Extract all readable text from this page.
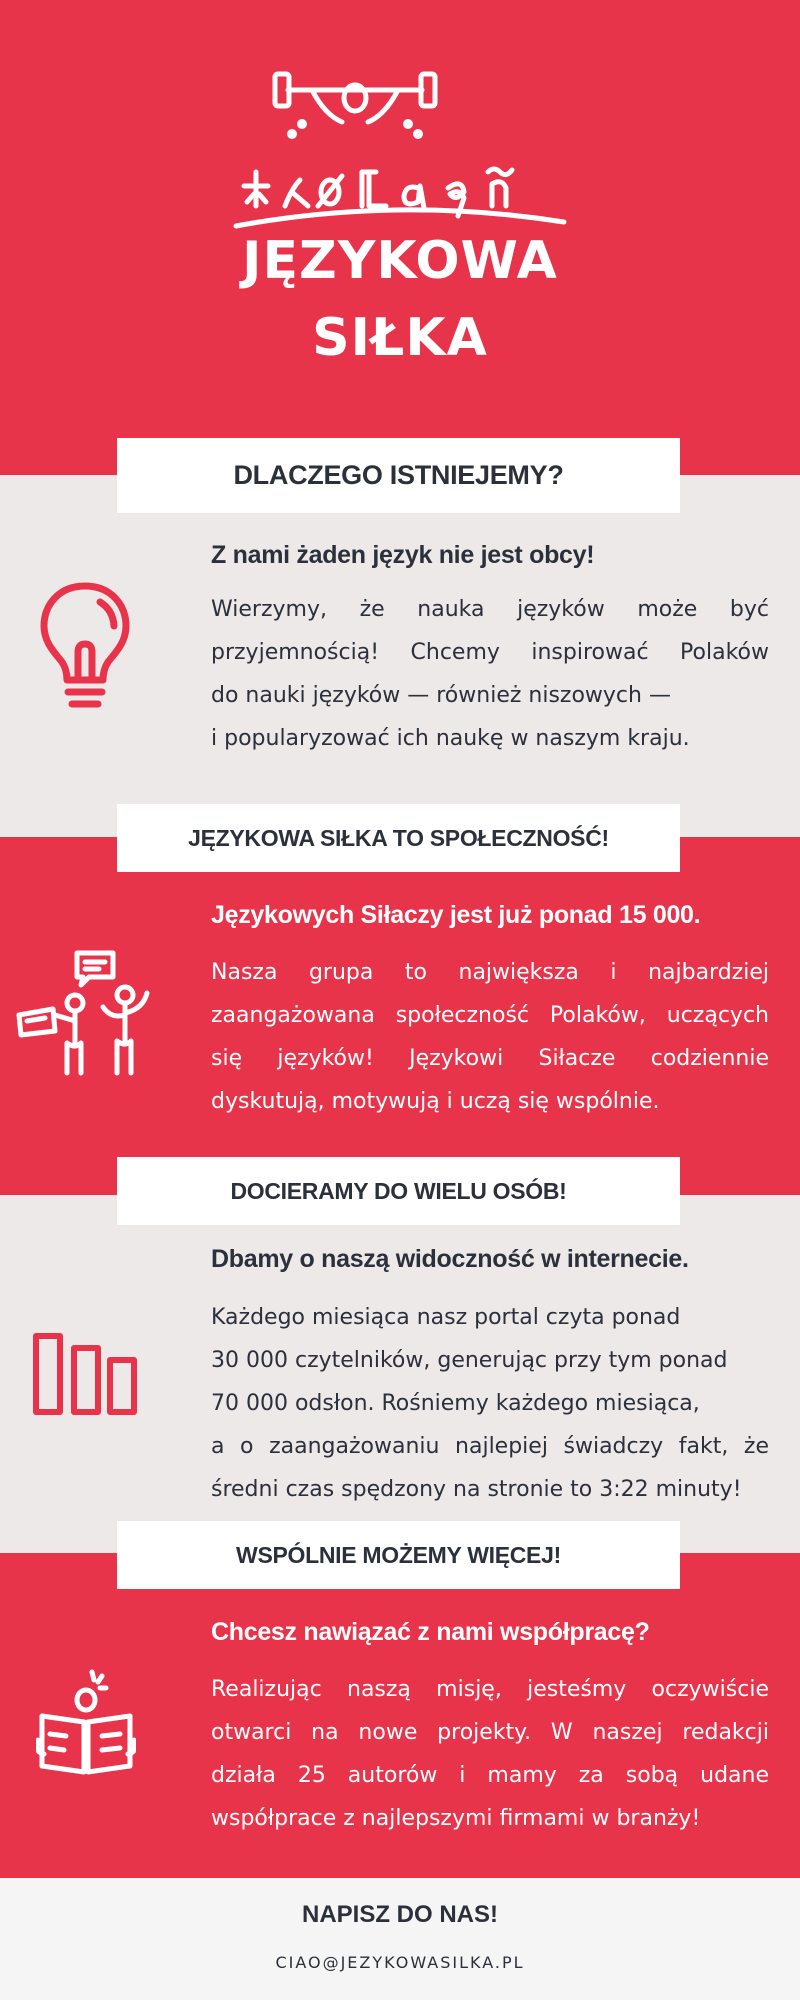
JĘZYKOWA
SIŁKA
DLACZEGO ISTNIEJEMY?
Z nami żaden język nie jest obcy!
Wierzymy, że nauka języków może być
przyjemnością! Chcemy inspirować Polaków
do nauki języków — również niszowych —
i popularyzować ich naukę w naszym kraju.
JĘZYKOWA SIŁKA TO SPOŁECZNOŚĆ!
Językowych Siłaczy jest już ponad 15 000.
Nasza grupa to największa i najbardziej
zaangażowana społeczność Polaków, uczących
się języków! Językowi Siłacze codziennie
dyskutują, motywują i uczą się wspólnie.
DOCIERAMY DO WIELU OSÓB!
Dbamy o naszą widoczność w internecie.
Każdego miesiąca nasz portal czyta ponad
30 000 czytelników, generując przy tym ponad
70 000 odsłon. Rośniemy każdego miesiąca,
a o zaangażowaniu najlepiej świadczy fakt, że
średni czas spędzony na stronie to 3:22 minuty!
WSPÓLNIE MOŻEMY WIĘCEJ!
Chcesz nawiązać z nami współpracę?
Realizując naszą misję, jesteśmy oczywiście
otwarci na nowe projekty. W naszej redakcji
działa 25 autorów i mamy za sobą udane
współprace z najlepszymi firmami w branży!
NAPISZ DO NAS!
CIAO@JEZYKOWASILKA.PL
